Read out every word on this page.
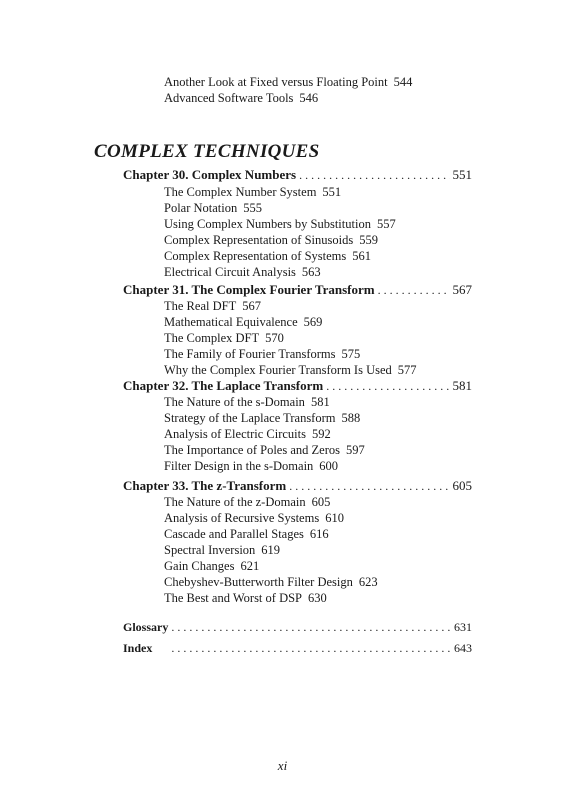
Another Look at Fixed versus Floating Point 544
Advanced Software Tools 546
COMPLEX TECHNIQUES
Chapter 30. Complex Numbers . . .	551
The Complex Number System 551
Polar Notation 555
Using Complex Numbers by Substitution 557
Complex Representation of Sinusoids 559
Complex Representation of Systems 561
Electrical Circuit Analysis 563
Chapter 31. The Complex Fourier Transform . . .	567
The Real DFT 567
Mathematical Equivalence 569
The Complex DFT 570
The Family of Fourier Transforms 575
Why the Complex Fourier Transform Is Used 577
Chapter 32. The Laplace Transform . . .	581
The Nature of the s-Domain 581
Strategy of the Laplace Transform 588
Analysis of Electric Circuits 592
The Importance of Poles and Zeros 597
Filter Design in the s-Domain 600
Chapter 33. The z-Transform . . .	605
The Nature of the z-Domain 605
Analysis of Recursive Systems 610
Cascade and Parallel Stages 616
Spectral Inversion 619
Gain Changes 621
Chebyshev-Butterworth Filter Design 623
The Best and Worst of DSP 630
Glossary . . .	631
Index . . .	643
xi
